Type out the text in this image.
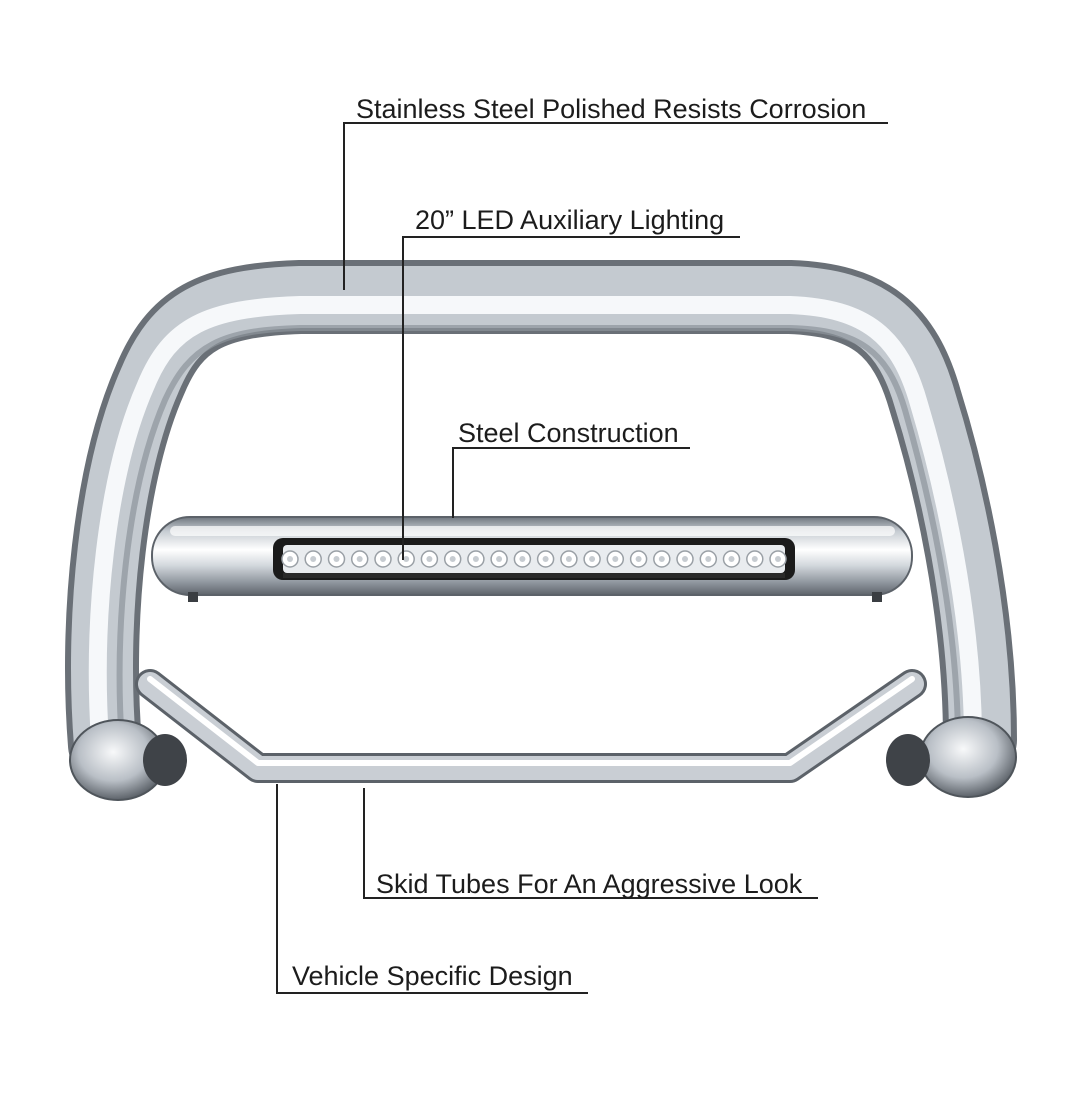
Stainless Steel Polished Resists Corrosion
20” LED Auxiliary Lighting
Steel Construction
Skid Tubes For An Aggressive Look
Vehicle Specific Design
